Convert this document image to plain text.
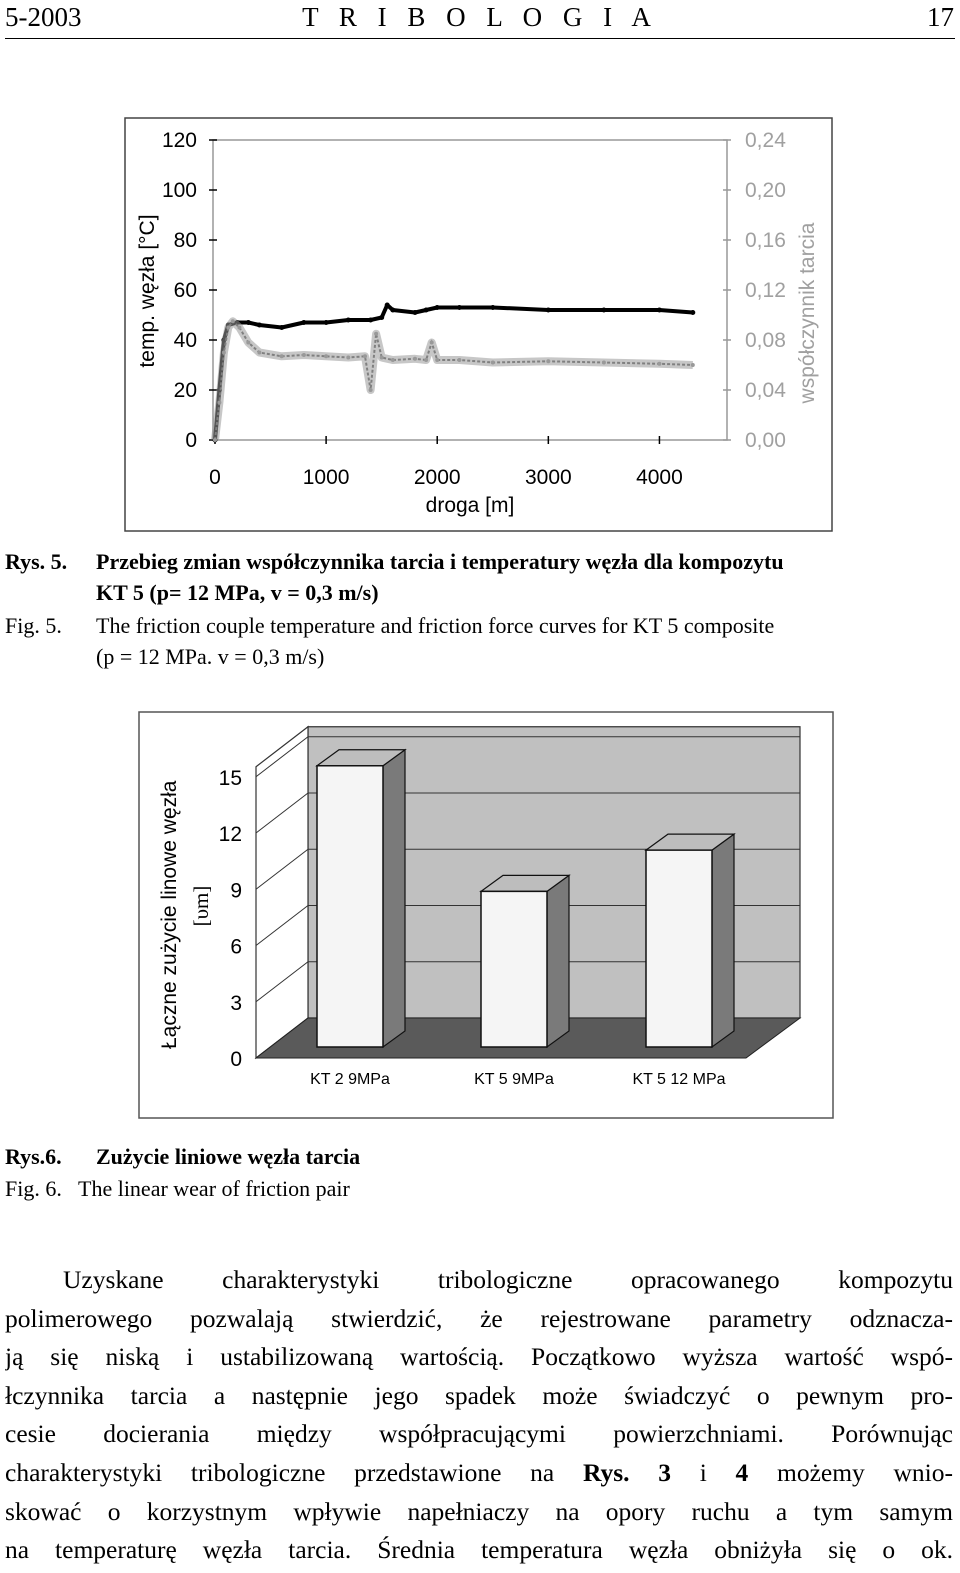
5-2003	T R I B O L O G I A	17
0
20
40
60
80
100
120
0,00
0,04
0,08
0,12
0,16
0,20
0,24
0	1000	2000	3000	4000
temp. węzła [°C]	współczynnik tarcia
droga [m]
Rys. 5. Przebieg zmian współczynnika tarcia i temperatury węzła dla kompozytu
KT 5 (p= 12 MPa, v = 0,3 m/s)
Fig. 5. The friction couple temperature and friction force curves for KT 5 composite
(p = 12 MPa. v = 0,3 m/s)
0
3
6
9
12
15
KT 2 9MPa	KT 5 9MPa	KT 5 12 MPa
Łączne zużycie linowe węzła [υm]
Rys.6. Zużycie liniowe węzła tarcia
Fig. 6. The linear wear of friction pair
Uzyskane charakterystyki tribologiczne opracowanego kompozytu
polimerowego pozwalają stwierdzić, że rejestrowane parametry odznacza-
ją się niską i ustabilizowaną wartością. Początkowo wyższa wartość wspó-
łczynnika tarcia a następnie jego spadek może świadczyć o pewnym pro-
cesie docierania między współpracującymi powierzchniami. Porównując
charakterystyki tribologiczne przedstawione na Rys. 3 i 4 możemy wnio-
skować o korzystnym wpływie napełniaczy na opory ruchu a tym samym
na temperaturę węzła tarcia. Średnia temperatura węzła obniżyła się o ok.
